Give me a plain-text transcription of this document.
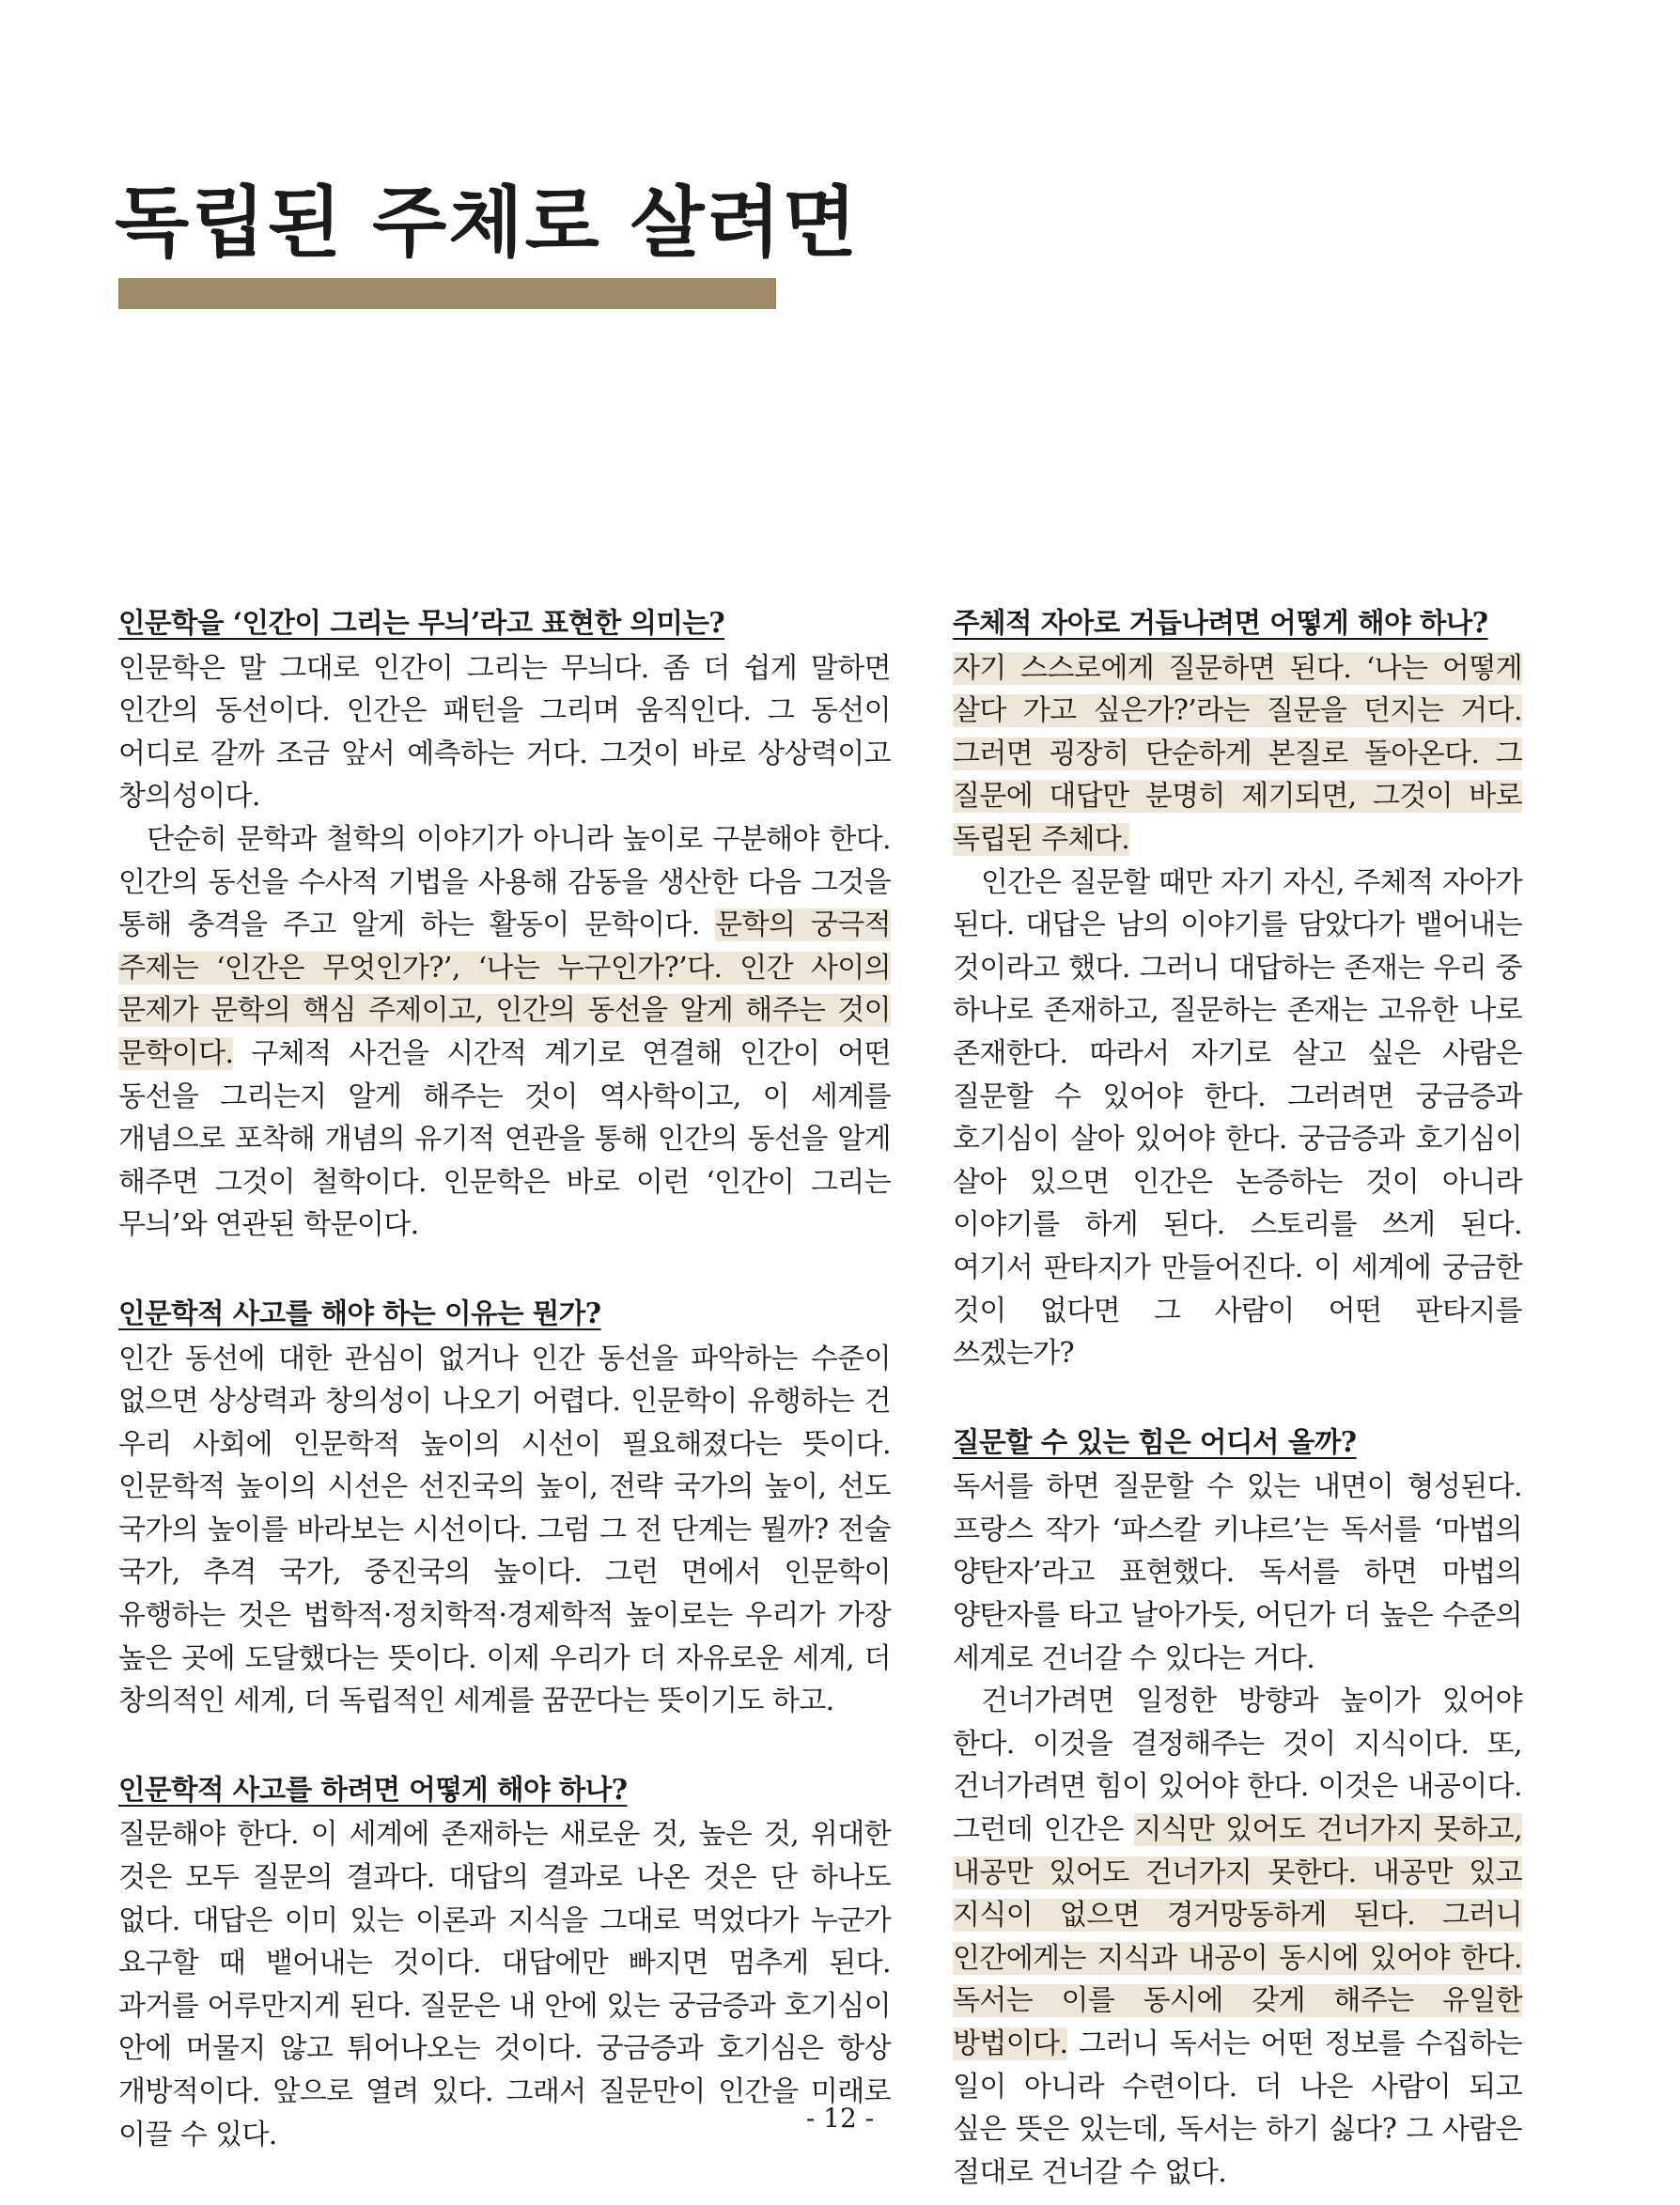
독립된 주체로 살려면

인문학을 ‘인간이 그리는 무늬’라고 표현한 의미는?

인문학은 말 그대로 인간이 그리는 무늬다. 좀 더 쉽게 말하면 인간의 동선이다. 인간은 패턴을 그리며 움직인다. 그 동선이 어디로 갈까 조금 앞서 예측하는 거다. 그것이 바로 상상력이고 창의성이다.

단순히 문학과 철학의 이야기가 아니라 높이로 구분해야 한다. 인간의 동선을 수사적 기법을 사용해 감동을 생산한 다음 그것을 통해 충격을 주고 알게 하는 활동이 문학이다. 문학의 궁극적 주제는 ‘인간은 무엇인가?’, ‘나는 누구인가?’다. 인간 사이의 문제가 문학의 핵심 주제이고, 인간의 동선을 알게 해주는 것이 문학이다. 구체적 사건을 시간적 계기로 연결해 인간이 어떤 동선을 그리는지 알게 해주는 것이 역사학이고, 이 세계를 개념으로 포착해 개념의 유기적 연관을 통해 인간의 동선을 알게 해주면 그것이 철학이다. 인문학은 바로 이런 ‘인간이 그리는 무늬’와 연관된 학문이다.

인문학적 사고를 해야 하는 이유는 뭔가?

인간 동선에 대한 관심이 없거나 인간 동선을 파악하는 수준이 없으면 상상력과 창의성이 나오기 어렵다. 인문학이 유행하는 건 우리 사회에 인문학적 높이의 시선이 필요해졌다는 뜻이다. 인문학적 높이의 시선은 선진국의 높이, 전략 국가의 높이, 선도 국가의 높이를 바라보는 시선이다. 그럼 그 전 단계는 뭘까? 전술 국가, 추격 국가, 중진국의 높이다. 그런 면에서 인문학이 유행하는 것은 법학적·정치학적·경제학적 높이로는 우리가 가장 높은 곳에 도달했다는 뜻이다. 이제 우리가 더 자유로운 세계, 더 창의적인 세계, 더 독립적인 세계를 꿈꾼다는 뜻이기도 하고.

인문학적 사고를 하려면 어떻게 해야 하나?

질문해야 한다. 이 세계에 존재하는 새로운 것, 높은 것, 위대한 것은 모두 질문의 결과다. 대답의 결과로 나온 것은 단 하나도 없다. 대답은 이미 있는 이론과 지식을 그대로 먹었다가 누군가 요구할 때 뱉어내는 것이다. 대답에만 빠지면 멈추게 된다. 과거를 어루만지게 된다. 질문은 내 안에 있는 궁금증과 호기심이 안에 머물지 않고 튀어나오는 것이다. 궁금증과 호기심은 항상 개방적이다. 앞으로 열려 있다. 그래서 질문만이 인간을 미래로 이끌 수 있다.

주체적 자아로 거듭나려면 어떻게 해야 하나?

자기 스스로에게 질문하면 된다. ‘나는 어떻게 살다 가고 싶은가?’라는 질문을 던지는 거다. 그러면 굉장히 단순하게 본질로 돌아온다. 그 질문에 대답만 분명히 제기되면, 그것이 바로 독립된 주체다.

인간은 질문할 때만 자기 자신, 주체적 자아가 된다. 대답은 남의 이야기를 담았다가 뱉어내는 것이라고 했다. 그러니 대답하는 존재는 우리 중 하나로 존재하고, 질문하는 존재는 고유한 나로 존재한다. 따라서 자기로 살고 싶은 사람은 질문할 수 있어야 한다. 그러려면 궁금증과 호기심이 살아 있어야 한다. 궁금증과 호기심이 살아 있으면 인간은 논증하는 것이 아니라 이야기를 하게 된다. 스토리를 쓰게 된다. 여기서 판타지가 만들어진다. 이 세계에 궁금한 것이 없다면 그 사람이 어떤 판타지를 쓰겠는가?

질문할 수 있는 힘은 어디서 올까?

독서를 하면 질문할 수 있는 내면이 형성된다. 프랑스 작가 ‘파스칼 키냐르’는 독서를 ‘마법의 양탄자’라고 표현했다. 독서를 하면 마법의 양탄자를 타고 날아가듯, 어딘가 더 높은 수준의 세계로 건너갈 수 있다는 거다.

건너가려면 일정한 방향과 높이가 있어야 한다. 이것을 결정해주는 것이 지식이다. 또, 건너가려면 힘이 있어야 한다. 이것은 내공이다. 그런데 인간은 지식만 있어도 건너가지 못하고, 내공만 있어도 건너가지 못한다. 내공만 있고 지식이 없으면 경거망동하게 된다. 그러니 인간에게는 지식과 내공이 동시에 있어야 한다. 독서는 이를 동시에 갖게 해주는 유일한 방법이다. 그러니 독서는 어떤 정보를 수집하는 일이 아니라 수련이다. 더 나은 사람이 되고 싶은 뜻은 있는데, 독서는 하기 싫다? 그 사람은 절대로 건너갈 수 없다.

- 12 -
